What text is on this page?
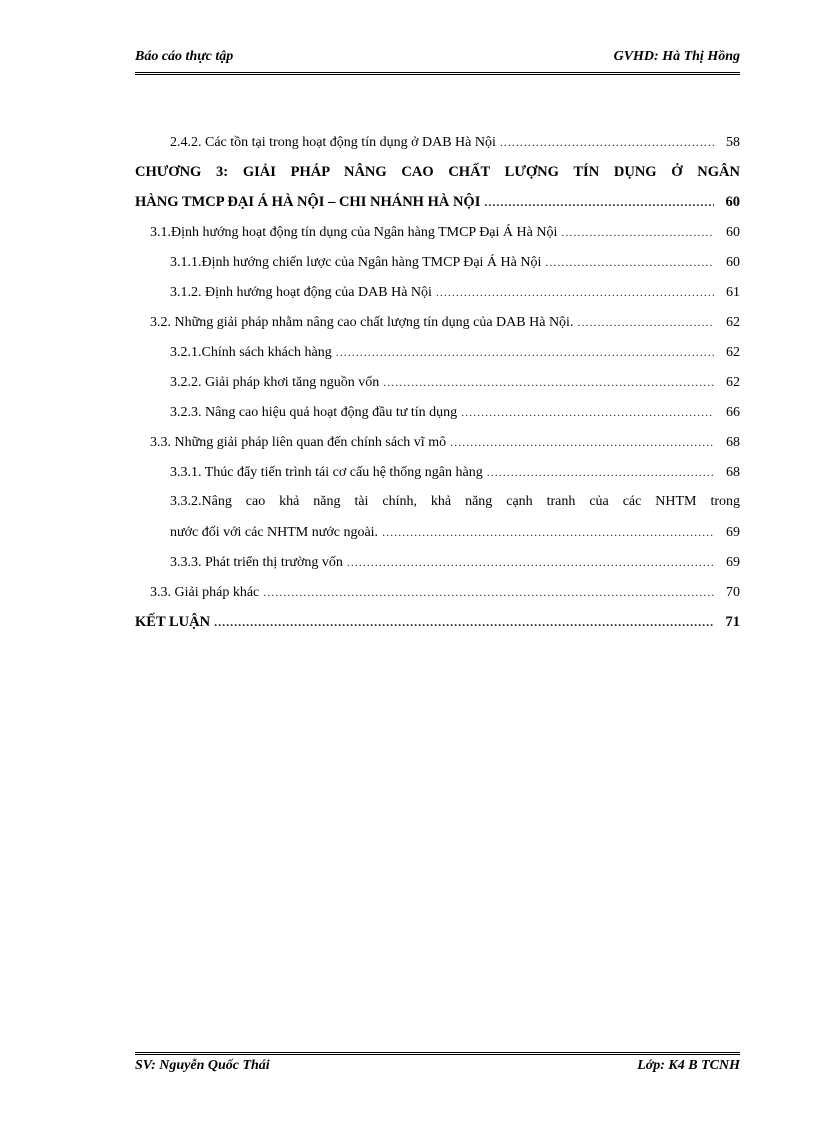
Báo cáo thực tập	GVHD: Hà Thị Hồng
2.4.2. Các tồn tại trong hoạt động tín dụng ở DAB Hà Nội .....	58
CHƯƠNG 3: GIẢI PHÁP NÂNG CAO CHẤT LƯỢNG TÍN DỤNG Ở NGÂN
HÀNG TMCP ĐẠI Á HÀ NỘI – CHI NHÁNH HÀ NỘI .....	60
3.1.Định hướng hoạt động tín dụng của Ngân hàng TMCP Đại Á Hà Nội .....	60
3.1.1.Định hướng chiến lược của Ngân hàng TMCP Đại Á Hà Nội .....	60
3.1.2. Định hướng hoạt động của DAB Hà Nội .....	61
3.2. Những giải pháp nhằm nâng cao chất lượng tín dụng của DAB Hà Nội. .....	62
3.2.1.Chính sách khách hàng .....	62
3.2.2. Giải pháp khơi tăng nguồn vốn .....	62
3.2.3. Nâng cao hiệu quả hoạt động đầu tư tín dụng .....	66
3.3. Những giải pháp liên quan đến chính sách vĩ mô .....	68
3.3.1. Thúc đẩy tiến trình tái cơ cấu hệ thống ngân hàng .....	68
3.3.2.Nâng cao khả năng tài chính, khả năng cạnh tranh của các NHTM trong
nước đối với các NHTM nước ngoài. .....	69
3.3.3. Phát triển thị trường vốn .....	69
3.3. Giải pháp khác .....	70
KẾT LUẬN .....	71
SV: Nguyễn Quốc Thái	Lớp: K4 B TCNH
